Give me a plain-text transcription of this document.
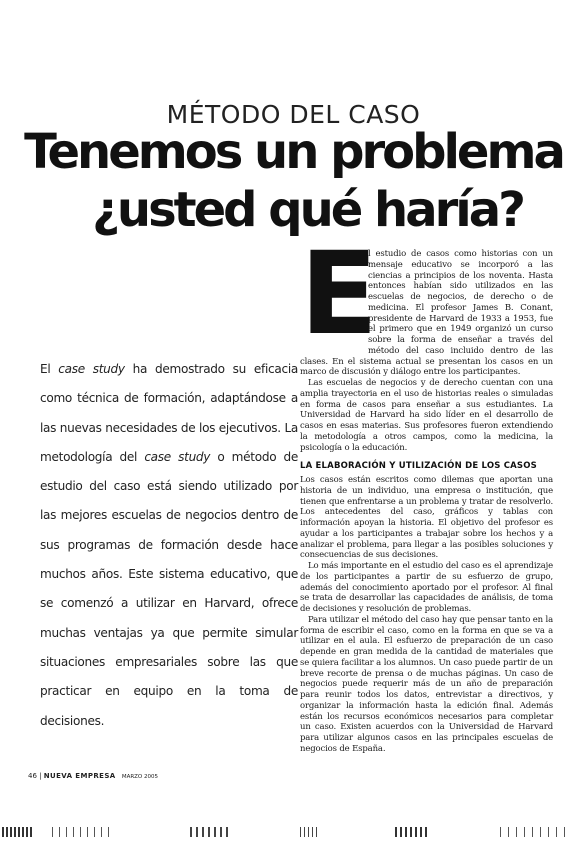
MÉTODO DEL CASO
Tenemos un problema
¿usted qué haría?

El case study ha demostrado su eficacia como técnica de formación, adaptándose a las nuevas necesidades de los ejecutivos. La metodología del case study o método de estudio del caso está siendo utilizado por las mejores escuelas de negocios dentro de sus programas de formación desde hace muchos años. Este sistema educativo, que se comenzó a utilizar en Harvard, ofrece muchas ventajas ya que permite simular situaciones empresariales sobre las que practicar en equipo en la toma de decisiones.

E

l estudio de casos como historias con un mensaje educativo se incorporó a las ciencias a principios de los noventa. Hasta entonces habían sido utilizados en las escuelas de negocios, de derecho o de medicina. El profesor James B. Conant, presidente de Harvard de 1933 a 1953, fue el primero que en 1949 organizó un curso sobre la forma de enseñar a través del método del caso incluido dentro de las clases. En el sistema actual se presentan los casos en un marco de discusión y diálogo entre los participantes.

Las escuelas de negocios y de derecho cuentan con una amplia trayectoria en el uso de historias reales o simuladas en forma de casos para enseñar a sus estudiantes. La Universidad de Harvard ha sido líder en el desarrollo de casos en esas materias. Sus profesores fueron extendiendo la metodología a otros campos, como la medicina, la psicología o la educación.

LA ELABORACIÓN Y UTILIZACIÓN DE LOS CASOS

Los casos están escritos como dilemas que aportan una historia de un individuo, una empresa o institución, que tienen que enfrentarse a un problema y tratar de resolverlo. Los antecedentes del caso, gráficos y tablas con información apoyan la historia. El objetivo del profesor es ayudar a los participantes a trabajar sobre los hechos y a analizar el problema, para llegar a las posibles soluciones y consecuencias de sus decisiones.

Lo más importante en el estudio del caso es el aprendizaje de los participantes a partir de su esfuerzo de grupo, además del conocimiento aportado por el profesor. Al final se trata de desarrollar las capacidades de análisis, de toma de decisiones y resolución de problemas.

Para utilizar el método del caso hay que pensar tanto en la forma de escribir el caso, como en la forma en que se va a utilizar en el aula. El esfuerzo de preparación de un caso depende en gran medida de la cantidad de materiales que se quiera facilitar a los alumnos. Un caso puede partir de un breve recorte de prensa o de muchas páginas. Un caso de negocios puede requerir más de un año de preparación para reunir todos los datos, entrevistar a directivos, y organizar la información hasta la edición final. Además están los recursos económicos necesarios para completar un caso. Existen acuerdos con la Universidad de Harvard para utilizar algunos casos en las principales escuelas de negocios de España.

46 | NUEVA EMPRESA MARZO 2005
